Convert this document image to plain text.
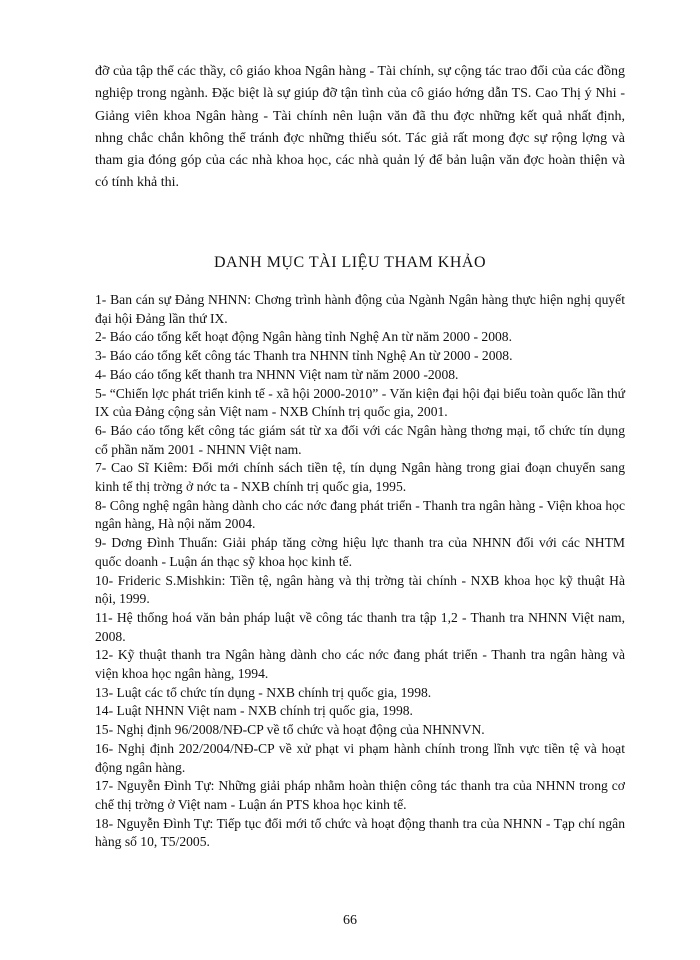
đỡ của tập thể các thầy, cô giáo khoa Ngân hàng - Tài chính, sự cộng tác trao đổi của các đồng nghiệp trong ngành. Đặc biệt là sự giúp đỡ tận tình của cô giáo hớng dẫn TS. Cao Thị ý Nhi - Giảng viên khoa Ngân hàng - Tài chính nên luận văn đã thu đợc những kết quả nhất định, nhng chắc chắn không thể tránh đợc những thiếu sót. Tác giả rất mong đợc sự rộng lợng và tham gia đóng góp của các nhà khoa học, các nhà quản lý để bản luận văn đợc hoàn thiện và có tính khả thi.

DANH MỤC TÀI LIỆU THAM KHẢO
1- Ban cán sự Đảng NHNN: Chơng trình hành động của Ngành Ngân hàng thực hiện nghị quyết đại hội Đảng lần thứ IX.
2- Báo cáo tổng kết hoạt động Ngân hàng tỉnh Nghệ An từ năm 2000 - 2008.
3- Báo cáo tổng kết công tác Thanh tra NHNN tỉnh Nghệ An từ 2000 - 2008.
4- Báo cáo tổng kết thanh tra NHNN Việt nam từ năm 2000 -2008.
5- “Chiến lợc phát triển kinh tế - xã hội 2000-2010” - Văn kiện đại hội đại biểu toàn quốc lần thứ IX của Đảng cộng sản Việt nam - NXB Chính trị quốc gia, 2001.
6- Báo cáo tổng kết công tác giám sát từ xa đối với các Ngân hàng thơng mại, tổ chức tín dụng cổ phần năm 2001 - NHNN Việt nam.
7- Cao Sĩ Kiêm: Đổi mới chính sách tiền tệ, tín dụng Ngân hàng trong giai đoạn chuyển sang kinh tế thị trờng ở nớc ta - NXB chính trị quốc gia, 1995.
8- Công nghệ ngân hàng dành cho các nớc đang phát triển - Thanh tra ngân hàng - Viện khoa học ngân hàng, Hà nội năm 2004.
9- Dơng Đình Thuấn: Giải pháp tăng cờng hiệu lực thanh tra của NHNN đối với các NHTM quốc doanh - Luận án thạc sỹ khoa học kinh tế.
10- Frideric S.Mishkin: Tiền tệ, ngân hàng và thị trờng tài chính - NXB khoa học kỹ thuật Hà nội, 1999.
11- Hệ thống hoá văn bản pháp luật về công tác thanh tra tập 1,2 - Thanh tra NHNN Việt nam, 2008.
12- Kỹ thuật thanh tra Ngân hàng dành cho các nớc đang phát triển - Thanh tra ngân hàng và viện khoa học ngân hàng, 1994.
13- Luật các tổ chức tín dụng - NXB chính trị quốc gia, 1998.
14- Luật NHNN Việt nam - NXB chính trị quốc gia, 1998.
15- Nghị định 96/2008/NĐ-CP về tổ chức và hoạt động của NHNNVN.
16- Nghị định 202/2004/NĐ-CP về xử phạt vi phạm hành chính trong lĩnh vực tiền tệ và hoạt động ngân hàng.
17- Nguyễn Đình Tự: Những giải pháp nhằm hoàn thiện công tác thanh tra của NHNN trong cơ chế thị trờng ở Việt nam - Luận án PTS khoa học kinh tế.
18- Nguyễn Đình Tự: Tiếp tục đổi mới tổ chức và hoạt động thanh tra của NHNN - Tạp chí ngân hàng số 10, T5/2005.
66
